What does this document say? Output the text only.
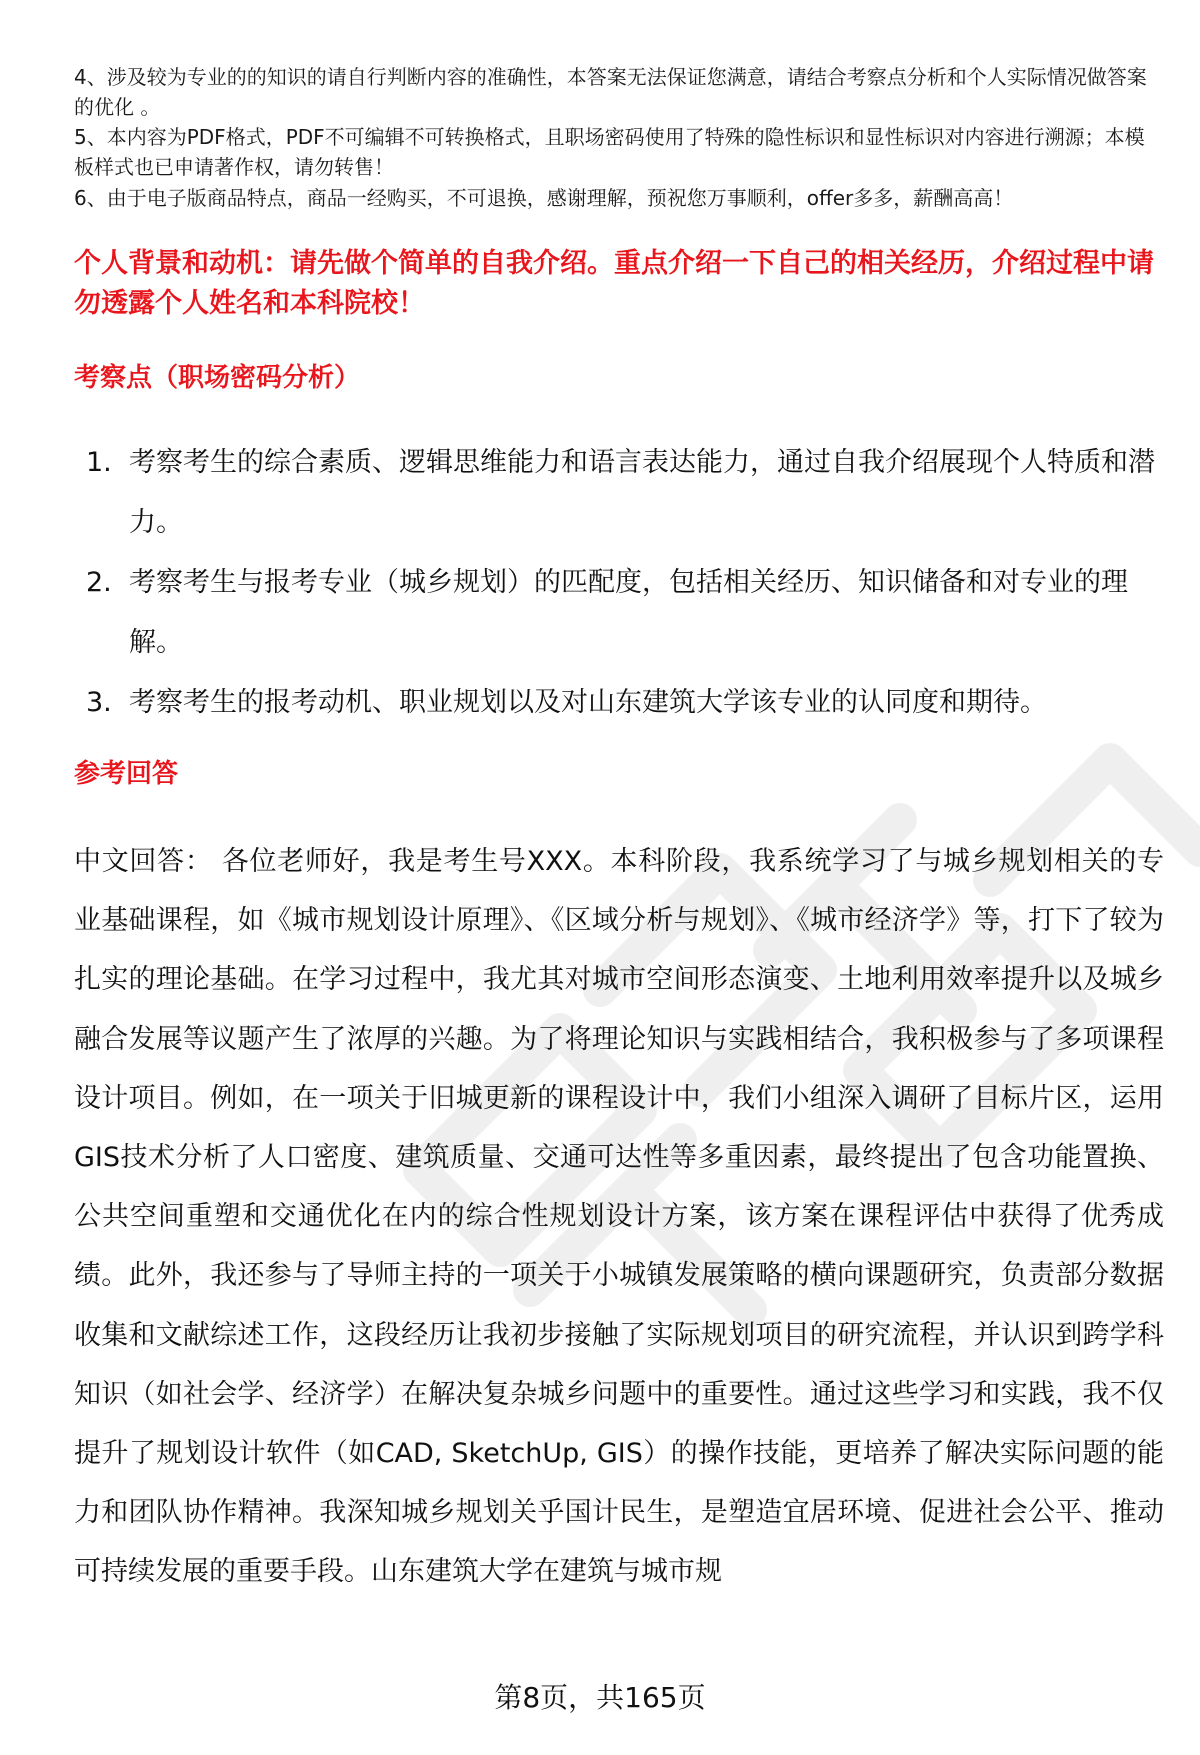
4、涉及较为专业的的知识的请自行判断内容的准确性，本答案无法保证您满意，请结合考察点分析和个人实际情况做答案的优化 。

5、本内容为PDF格式，PDF不可编辑不可转换格式，且职场密码使用了特殊的隐性标识和显性标识对内容进行溯源；本模板样式也已申请著作权，请勿转售！

6、由于电子版商品特点，商品一经购买，不可退换，感谢理解，预祝您万事顺利，offer多多，薪酬高高！

个人背景和动机：请先做个简单的自我介绍。重点介绍一下自己的相关经历，介绍过程中请勿透露个人姓名和本科院校！

考察点（职场密码分析）
1. 考察考生的综合素质、逻辑思维能力和语言表达能力，通过自我介绍展现个人特质和潜力。
2. 考察考生与报考专业（城乡规划）的匹配度，包括相关经历、知识储备和对专业的理解。
3. 考察考生的报考动机、职业规划以及对山东建筑大学该专业的认同度和期待。
参考回答

中文回答： 各位老师好，我是考生号XXX。本科阶段，我系统学习了与城乡规划相关的专业基础课程，如《城市规划设计原理》、《区域分析与规划》、《城市经济学》等，打下了较为扎实的理论基础。在学习过程中，我尤其对城市空间形态演变、土地利用效率提升以及城乡融合发展等议题产生了浓厚的兴趣。为了将理论知识与实践相结合，我积极参与了多项课程设计项目。例如，在一项关于旧城更新的课程设计中，我们小组深入调研了目标片区，运用GIS技术分析了人口密度、建筑质量、交通可达性等多重因素，最终提出了包含功能置换、公共空间重塑和交通优化在内的综合性规划设计方案，该方案在课程评估中获得了优秀成绩。此外，我还参与了导师主持的一项关于小城镇发展策略的横向课题研究，负责部分数据收集和文献综述工作，这段经历让我初步接触了实际规划项目的研究流程，并认识到跨学科知识（如社会学、经济学）在解决复杂城乡问题中的重要性。通过这些学习和实践，我不仅提升了规划设计软件（如CAD, SketchUp, GIS）的操作技能，更培养了解决实际问题的能力和团队协作精神。我深知城乡规划关乎国计民生，是塑造宜居环境、促进社会公平、推动可持续发展的重要手段。山东建筑大学在建筑与城市规

第8页，共165页
